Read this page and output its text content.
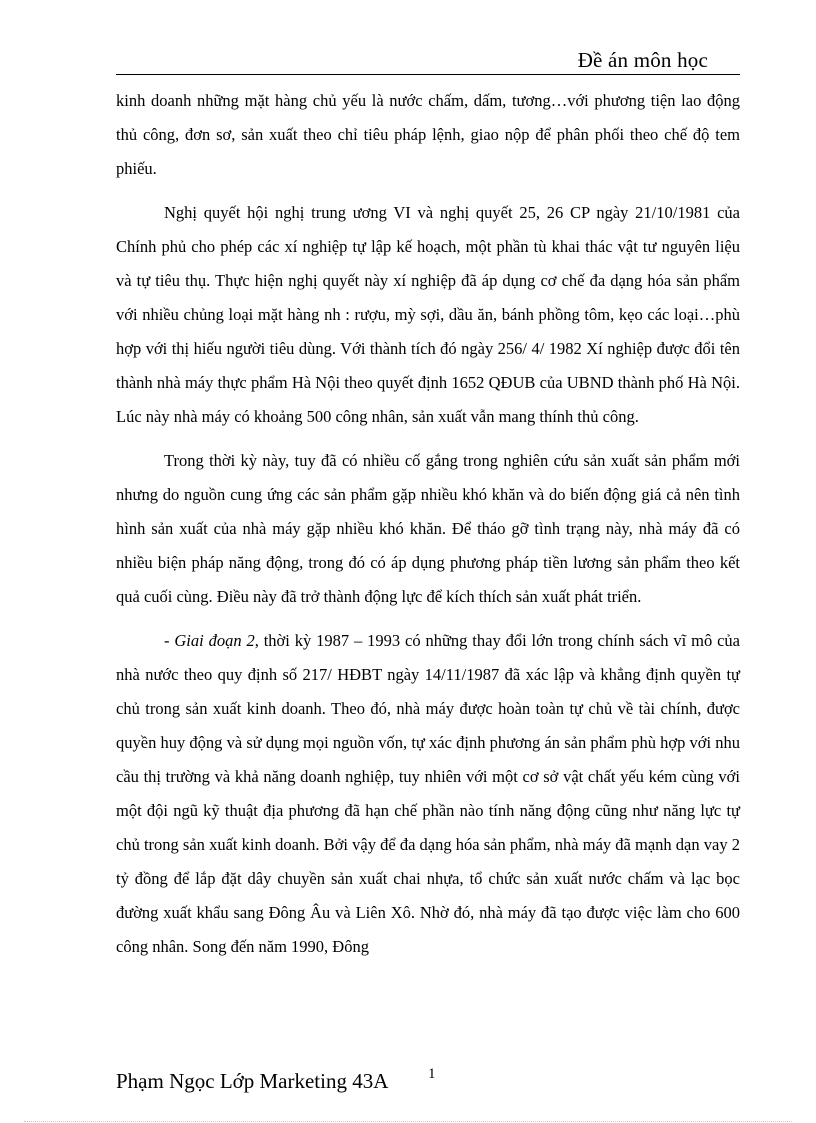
Đề án môn học

kinh doanh những mặt hàng chủ yếu là nước chấm, dấm, tương…với phương tiện lao động thủ công, đơn sơ, sản xuất theo chỉ tiêu pháp lệnh, giao nộp để phân phối theo chế độ tem phiếu.

Nghị quyết hội nghị trung ương VI và nghị quyết 25, 26 CP ngày 21/10/1981 của Chính phủ cho phép các xí nghiệp tự lập kế hoạch, một phần tù khai thác vật tư nguyên liệu và tự tiêu thụ. Thực hiện nghị quyết này xí nghiệp đã áp dụng cơ chế đa dạng hóa sản phẩm với nhiều chủng loại mặt hàng nh : rượu, mỳ sợi, dầu ăn, bánh phồng tôm, kẹo các loại…phù hợp với thị hiếu người tiêu dùng. Với thành tích đó ngày 256/ 4/ 1982 Xí nghiệp được đổi tên thành nhà máy thực phẩm Hà Nội theo quyết định 1652 QĐUB của UBND thành phố Hà Nội. Lúc này nhà máy có khoảng 500 công nhân, sản xuất vẫn mang thính thủ công.

Trong thời kỳ này, tuy đã có nhiều cố gắng trong nghiên cứu sản xuất sản phẩm mới nhưng do nguồn cung ứng các sản phẩm gặp nhiều khó khăn và do biến động giá cả nên tình hình sản xuất của nhà máy gặp nhiều khó khăn. Để tháo gỡ tình trạng này, nhà máy đã có nhiều biện pháp năng động, trong đó có áp dụng phương pháp tiền lương sản phẩm theo kết quả cuối cùng. Điều này đã trở thành động lực để kích thích sản xuất phát triển.

- Giai đoạn 2, thời kỳ 1987 – 1993 có những thay đổi lớn trong chính sách vĩ mô của nhà nước theo quy định số 217/ HĐBT ngày 14/11/1987 đã xác lập và khẳng định quyền tự chủ trong sản xuất kinh doanh. Theo đó, nhà máy được hoàn toàn tự chủ về tài chính, được quyền huy động và sử dụng mọi nguồn vốn, tự xác định phương án sản phẩm phù hợp với nhu cầu thị trường và khả năng doanh nghiệp, tuy nhiên với một cơ sở vật chất yếu kém cùng với một đội ngũ kỹ thuật địa phương đã hạn chế phần nào tính năng động cũng như năng lực tự chủ trong sản xuất kinh doanh. Bởi vậy để đa dạng hóa sản phẩm, nhà máy đã mạnh dạn vay 2 tỷ đồng để lắp đặt dây chuyền sản xuất chai nhựa, tổ chức sản xuất nước chấm và lạc bọc đường xuất khẩu sang Đông Âu và Liên Xô. Nhờ đó, nhà máy đã tạo được việc làm cho 600 công nhân. Song đến năm 1990, Đông

Phạm Ngọc Lớp Marketing 43A	1
